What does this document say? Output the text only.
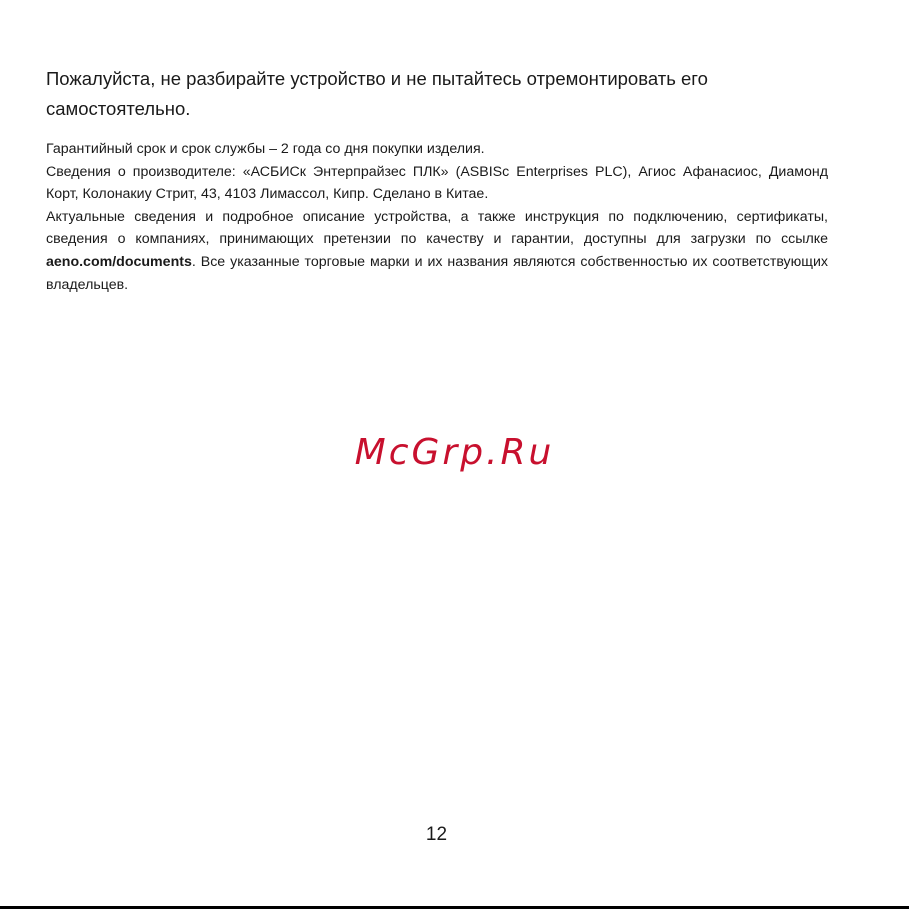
Пожалуйста, не разбирайте устройство и не пытайтесь отремонтировать его самостоятельно.

Гарантийный срок и срок службы – 2 года со дня покупки изделия.

Сведения о производителе: «АСБИСк Энтерпрайзес ПЛК» (ASBISc Enterprises PLC), Агиос Афанасиос, Диамонд Корт, Колонакиу Стрит, 43, 4103 Лимассол, Кипр. Сделано в Китае.

Актуальные сведения и подробное описание устройства, а также инструкция по подключению, сертификаты, сведения о компаниях, принимающих претензии по качеству и гарантии, доступны для загрузки по ссылке aeno.com/documents. Все указанные торговые марки и их названия являются собственностью их соответствующих владельцев.

McGrp.Ru
12
